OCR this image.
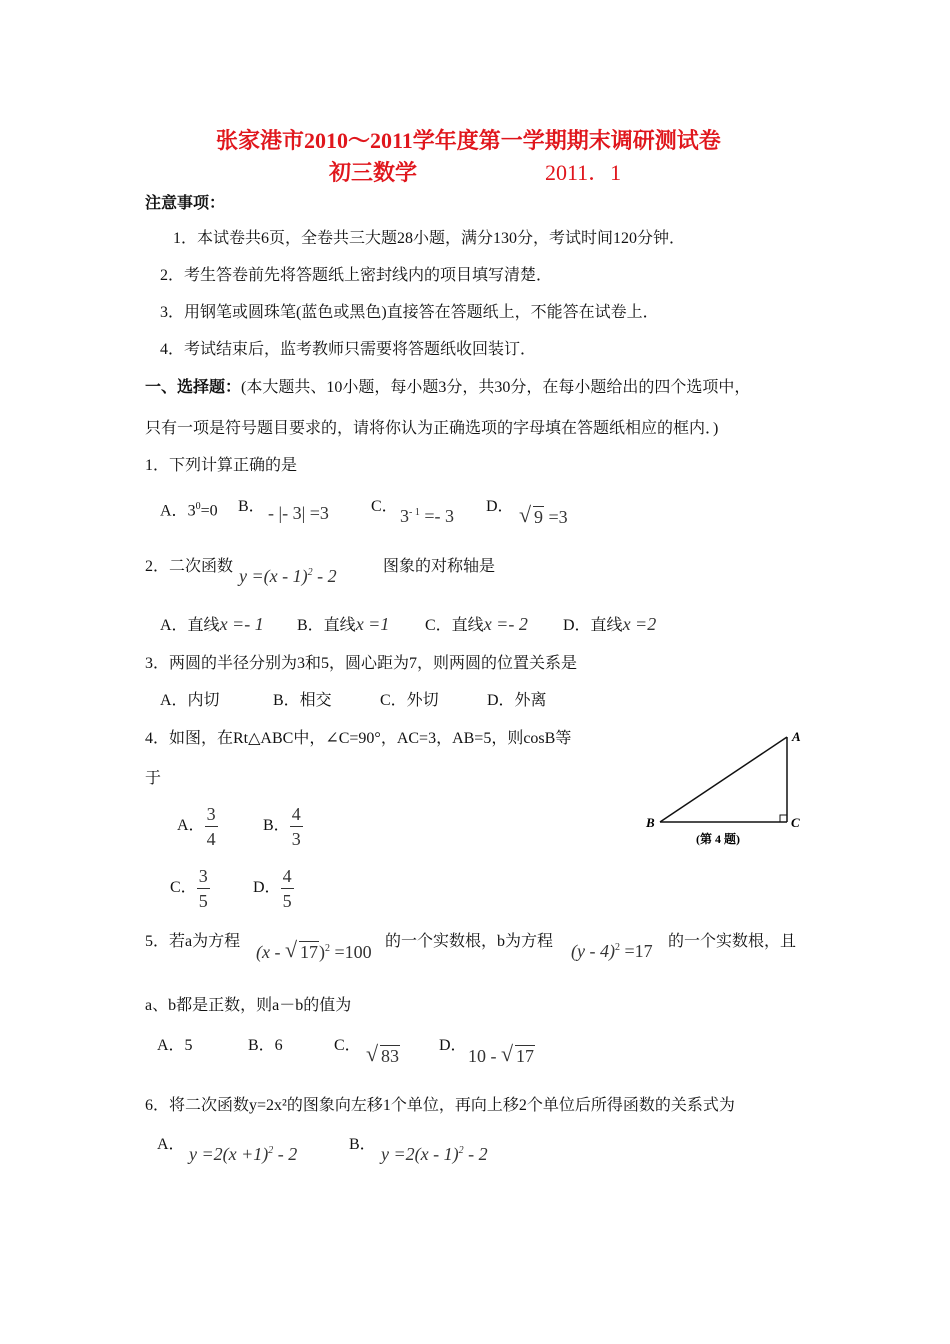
张家港市2010～2011学年度第一学期期末调研测试卷
初三数学	2011．1
注意事项：
1．本试卷共6页，全卷共三大题28小题，满分130分，考试时间120分钟．
2．考生答卷前先将答题纸上密封线内的项目填写清楚．
3．用钢笔或圆珠笔(蓝色或黑色)直接答在答题纸上，不能答在试卷上．
4．考试结束后，监考教师只需要将答题纸收回装订．
一、选择题：(本大题共、10小题，每小题3分，共30分，在每小题给出的四个选项中，
只有一项是符号题目要求的，请将你认为正确选项的字母填在答题纸相应的框内．)
1．下列计算正确的是
A．$3^0=0$ B． - |- 3| =3	C． $3^{- 1} =- 3$ D． √ 9 =3
2．二次函数 y =(x - 1)$^2$ - 2	图象的对称轴是
A．直线x =- 1 B．直线x =1 C．直线x =- 2 D．直线x =2
3．两圆的半径分别为3和5，圆心距为7，则两圆的位置关系是
A．内切	B．相交	C．外切	D．外离
4．如图，在Rt△ABC中，∠C=90°，AC=3，AB=5，则cosB等
于
A． $\frac{3}{4}$	B． $\frac{4}{3}$
C． $\frac{3}{5}$	D． $\frac{4}{5}$
A
B	C
(第 4 题)
5．若a为方程
(x - √ 17)$^2$ =100
的一个实数根，b为方程 (y - 4)$^2$ =17 的一个实数根，且
a、b都是正数，则a－b的值为
A．5	B．6	C． √ 83
D．
10 - √ 17
6．将二次函数y=2x²的图象向左移1个单位，再向上移2个单位后所得函数的关系式为
A． $y =2(x +1)^2 - 2$	B． y =2(x - 1)$^2$ - 2
